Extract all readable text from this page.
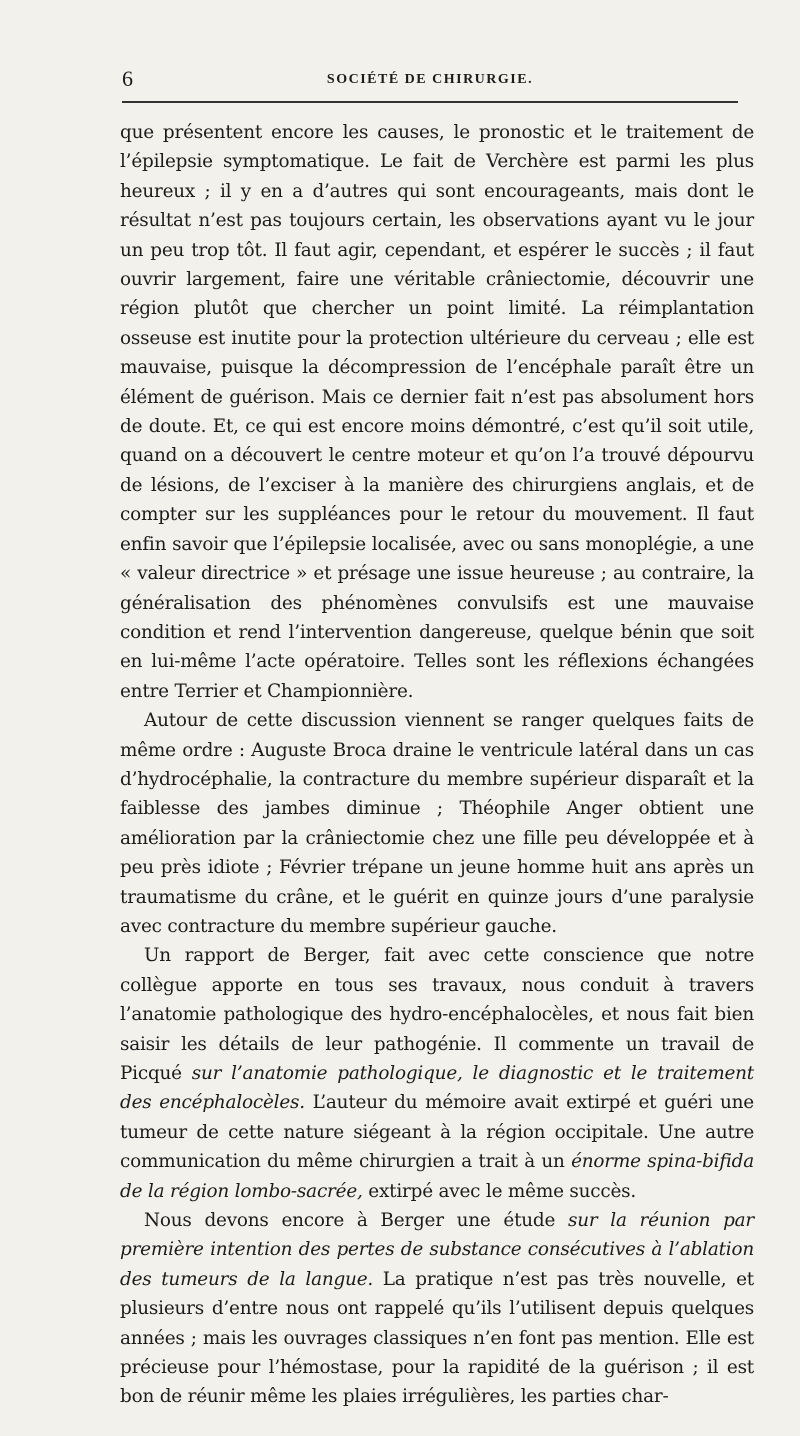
6	SOCIÉTÉ DE CHIRURGIE.

que présentent encore les causes, le pronostic et le traitement de l’épilepsie symptomatique. Le fait de Verchère est parmi les plus heureux ; il y en a d’autres qui sont encourageants, mais dont le résultat n’est pas toujours certain, les observations ayant vu le jour un peu trop tôt. Il faut agir, cependant, et espérer le succès ; il faut ouvrir largement, faire une véritable crâniectomie, découvrir une région plutôt que chercher un point limité. La réimplantation osseuse est inutite pour la protection ultérieure du cerveau ; elle est mauvaise, puisque la décompression de l’encéphale paraît être un élément de guérison. Mais ce dernier fait n’est pas absolument hors de doute. Et, ce qui est encore moins démontré, c’est qu’il soit utile, quand on a découvert le centre moteur et qu’on l’a trouvé dépourvu de lésions, de l’exciser à la manière des chirurgiens anglais, et de compter sur les suppléances pour le retour du mouvement. Il faut enfin savoir que l’épilepsie localisée, avec ou sans monoplégie, a une « valeur directrice » et présage une issue heureuse ; au contraire, la généralisation des phénomènes convulsifs est une mauvaise condition et rend l’intervention dangereuse, quelque bénin que soit en lui-même l’acte opératoire. Telles sont les réflexions échangées entre Terrier et Championnière.

Autour de cette discussion viennent se ranger quelques faits de même ordre : Auguste Broca draine le ventricule latéral dans un cas d’hydrocéphalie, la contracture du membre supérieur disparaît et la faiblesse des jambes diminue ; Théophile Anger obtient une amélioration par la crâniectomie chez une fille peu développée et à peu près idiote ; Février trépane un jeune homme huit ans après un traumatisme du crâne, et le guérit en quinze jours d’une paralysie avec contracture du membre supérieur gauche.

Un rapport de Berger, fait avec cette conscience que notre collègue apporte en tous ses travaux, nous conduit à travers l’anatomie pathologique des hydro-encéphalocèles, et nous fait bien saisir les détails de leur pathogénie. Il commente un travail de Picqué sur l’anatomie pathologique, le diagnostic et le traitement des encéphalocèles. L’auteur du mémoire avait extirpé et guéri une tumeur de cette nature siégeant à la région occipitale. Une autre communication du même chirurgien a trait à un énorme spina-bifida de la région lombo-sacrée, extirpé avec le même succès.

Nous devons encore à Berger une étude sur la réunion par première intention des pertes de substance consécutives à l’ablation des tumeurs de la langue. La pratique n’est pas très nouvelle, et plusieurs d’entre nous ont rappelé qu’ils l’utilisent depuis quelques années ; mais les ouvrages classiques n’en font pas mention. Elle est précieuse pour l’hémostase, pour la rapidité de la guérison ; il est bon de réunir même les plaies irrégulières, les parties char-
